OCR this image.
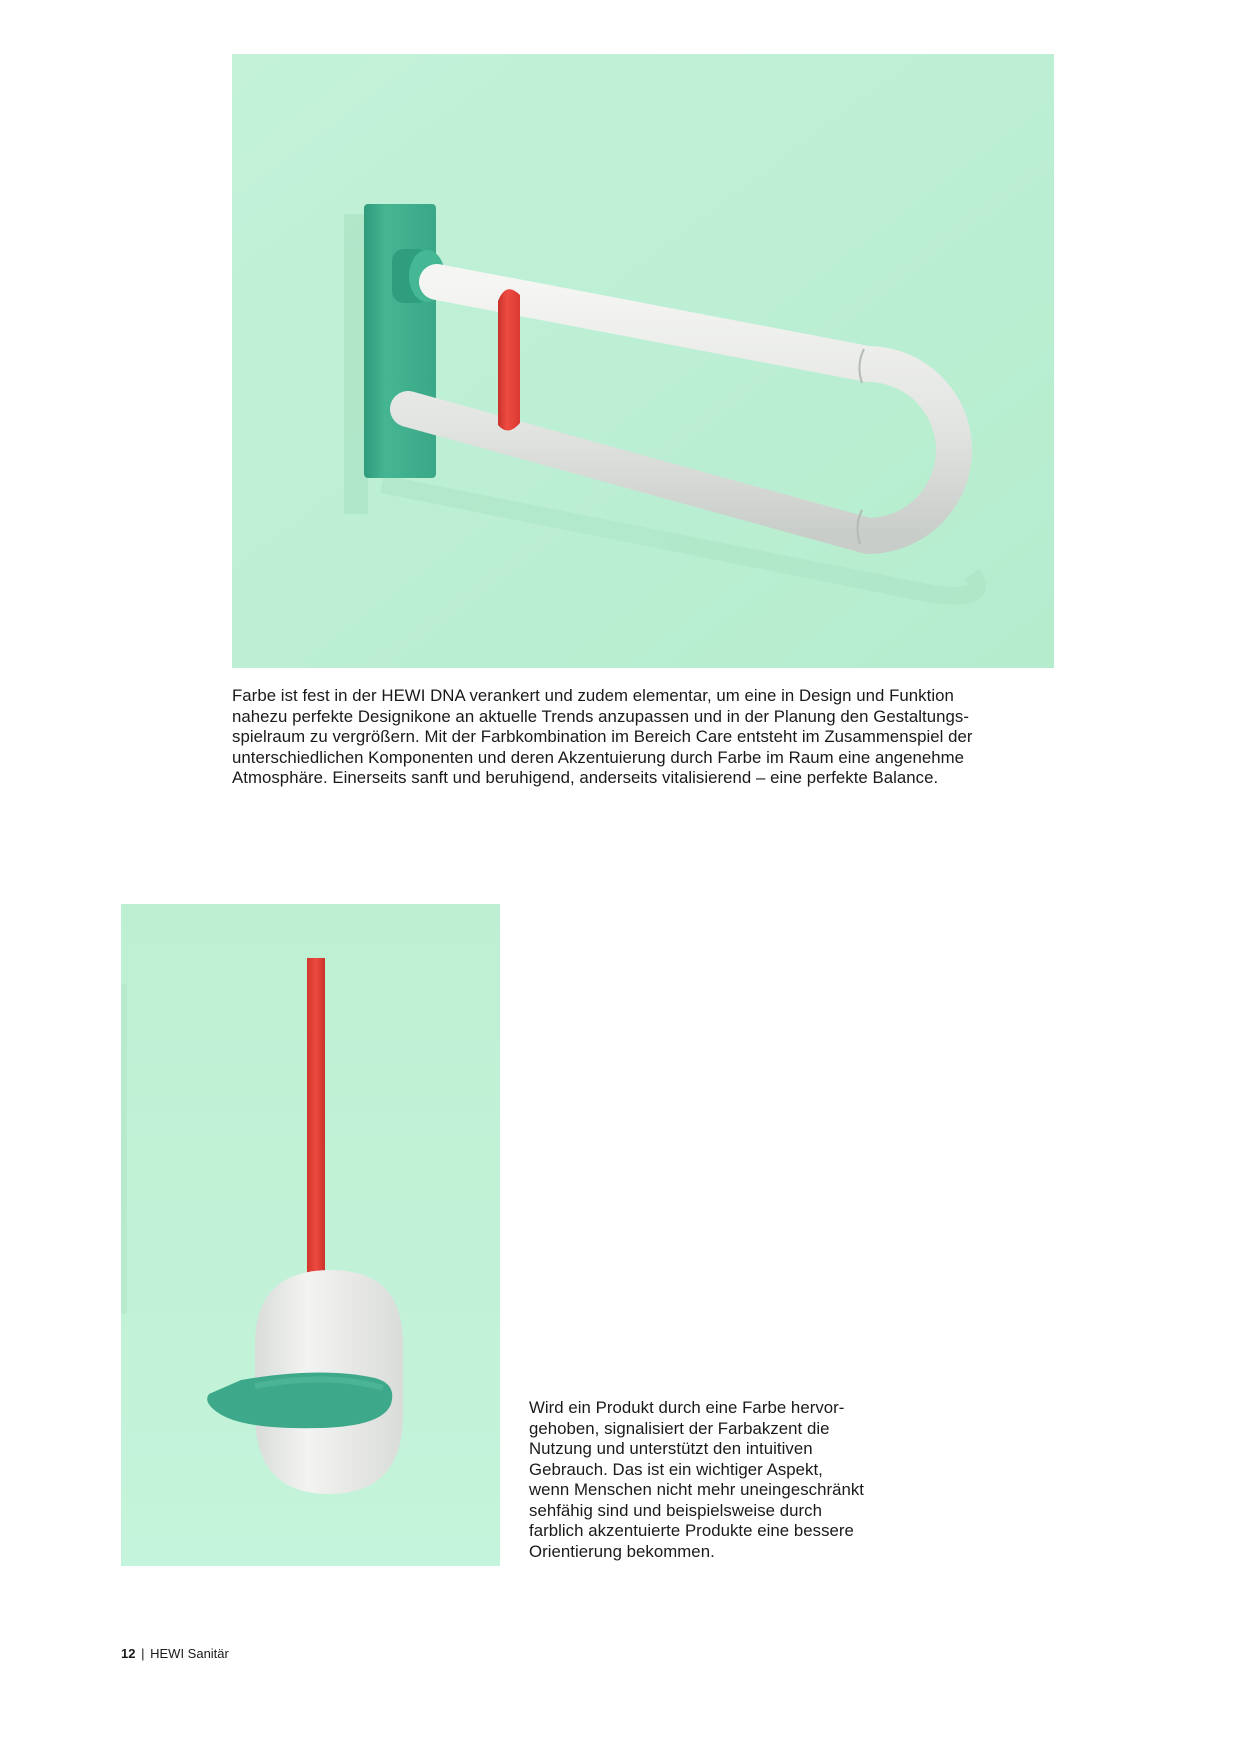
Farbe ist fest in der HEWI DNA verankert und zudem elementar, um eine in Design und Funktion
nahezu perfekte Designikone an aktuelle Trends anzupassen und in der Planung den Gestaltungs-
spielraum zu vergrößern. Mit der Farbkombination im Bereich Care entsteht im Zusammenspiel der
unterschiedlichen Komponenten und deren Akzentuierung durch Farbe im Raum eine angenehme
Atmosphäre. Einerseits sanft und beruhigend, anderseits vitalisierend – eine perfekte Balance.

Wird ein Produkt durch eine Farbe hervor-
gehoben, signalisiert der Farbakzent die
Nutzung und unterstützt den intuitiven
Gebrauch. Das ist ein wichtiger Aspekt,
wenn Menschen nicht mehr uneingeschränkt
sehfähig sind und beispielsweise durch
farblich akzentuierte Produkte eine bessere
Orientierung bekommen.

12 | HEWI Sanitär
